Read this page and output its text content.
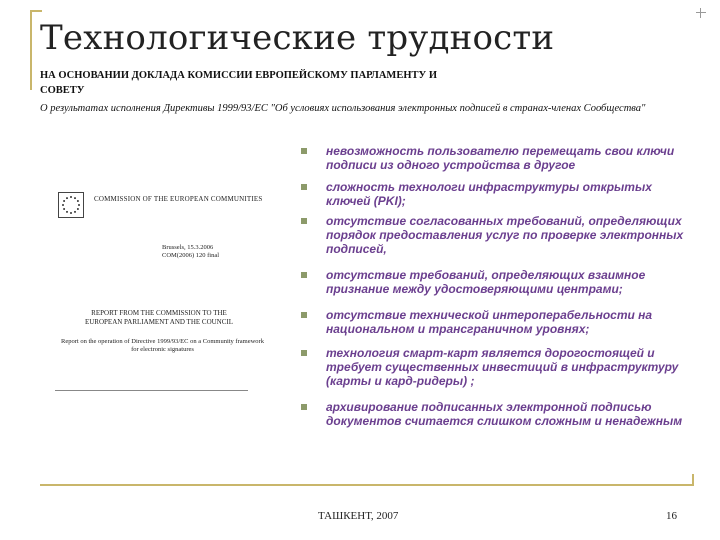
Технологические трудности
НА ОСНОВАНИИ ДОКЛАДА КОМИССИИ ЕВРОПЕЙСКОМУ ПАРЛАМЕНТУ И СОВЕТУ
О результатах исполнения Директивы 1999/93/ЕС "Об условиях использования электронных подписей в странах-членах Сообщества"
COMMISSION OF THE EUROPEAN COMMUNITIES
Brussels, 15.3.2006
COM(2006) 120 final
REPORT FROM THE COMMISSION TO THE EUROPEAN PARLIAMENT AND THE COUNCIL
Report on the operation of Directive 1999/93/EC on a Community framework for electronic signatures
невозможность пользователю перемещать свои ключи подписи из одного устройства в другое
сложность технологи инфраструктуры открытых ключей (PKI);
отсутствие согласованных требований, определяющих порядок предоставления услуг по проверке электронных подписей,
отсутствие требований, определяющих взаимное признание между удостоверяющими центрами;
отсутствие технической интероперабельности на национальном и трансграничном уровнях;
технология смарт-карт является дорогостоящей и требует существенных инвестиций в инфраструктуру (карты и кард-ридеры) ;
архивирование подписанных электронной подписью документов считается слишком сложным и ненадежным
ТАШКЕНТ, 2007	16
